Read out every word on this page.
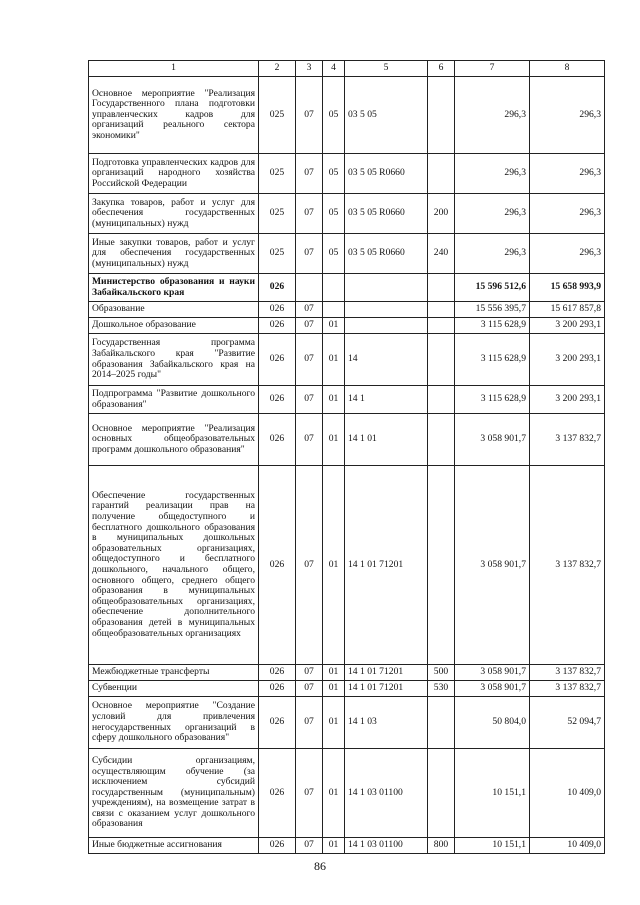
1	2	3	4	5	6	7	8
Основное мероприятие "Реализация Государственного плана подготовки управленческих кадров для организаций реального сектора экономики"	025	07	05	03 5 05		296,3	296,3
Подготовка управленческих кадров для организаций народного хозяйства Российской Федерации	025	07	05	03 5 05 R0660		296,3	296,3
Закупка товаров, работ и услуг для обеспечения государственных (муниципальных) нужд	025	07	05	03 5 05 R0660	200	296,3	296,3
Иные закупки товаров, работ и услуг для обеспечения государственных (муниципальных) нужд	025	07	05	03 5 05 R0660	240	296,3	296,3
Министерство образования и науки Забайкальского края	026					15 596 512,6	15 658 993,9
Образование	026	07				15 556 395,7	15 617 857,8
Дошкольное образование	026	07	01			3 115 628,9	3 200 293,1
Государственная программа Забайкальского края "Развитие образования Забайкальского края на 2014–2025 годы"	026	07	01	14		3 115 628,9	3 200 293,1
Подпрограмма "Развитие дошкольного образования"	026	07	01	14 1		3 115 628,9	3 200 293,1
Основное мероприятие "Реализация основных общеобразовательных программ дошкольного образования"	026	07	01	14 1 01		3 058 901,7	3 137 832,7
Обеспечение государственных гарантий реализации прав на получение общедоступного и бесплатного дошкольного образования в муниципальных дошкольных образовательных организациях, общедоступного и бесплатного дошкольного, начального общего, основного общего, среднего общего образования в муниципальных общеобразовательных организациях, обеспечение дополнительного образования детей в муниципальных общеобразовательных организациях	026	07	01	14 1 01 71201		3 058 901,7	3 137 832,7
Межбюджетные трансферты	026	07	01	14 1 01 71201	500	3 058 901,7	3 137 832,7
Субвенции	026	07	01	14 1 01 71201	530	3 058 901,7	3 137 832,7
Основное мероприятие "Создание условий для привлечения негосударственных организаций в сферу дошкольного образования"	026	07	01	14 1 03		50 804,0	52 094,7
Субсидии организациям, осуществляющим обучение (за исключением субсидий государственным (муниципальным) учреждениям), на возмещение затрат в связи с оказанием услуг дошкольного образования	026	07	01	14 1 03 01100		10 151,1	10 409,0
Иные бюджетные ассигнования	026	07	01	14 1 03 01100	800	10 151,1	10 409,0
86
